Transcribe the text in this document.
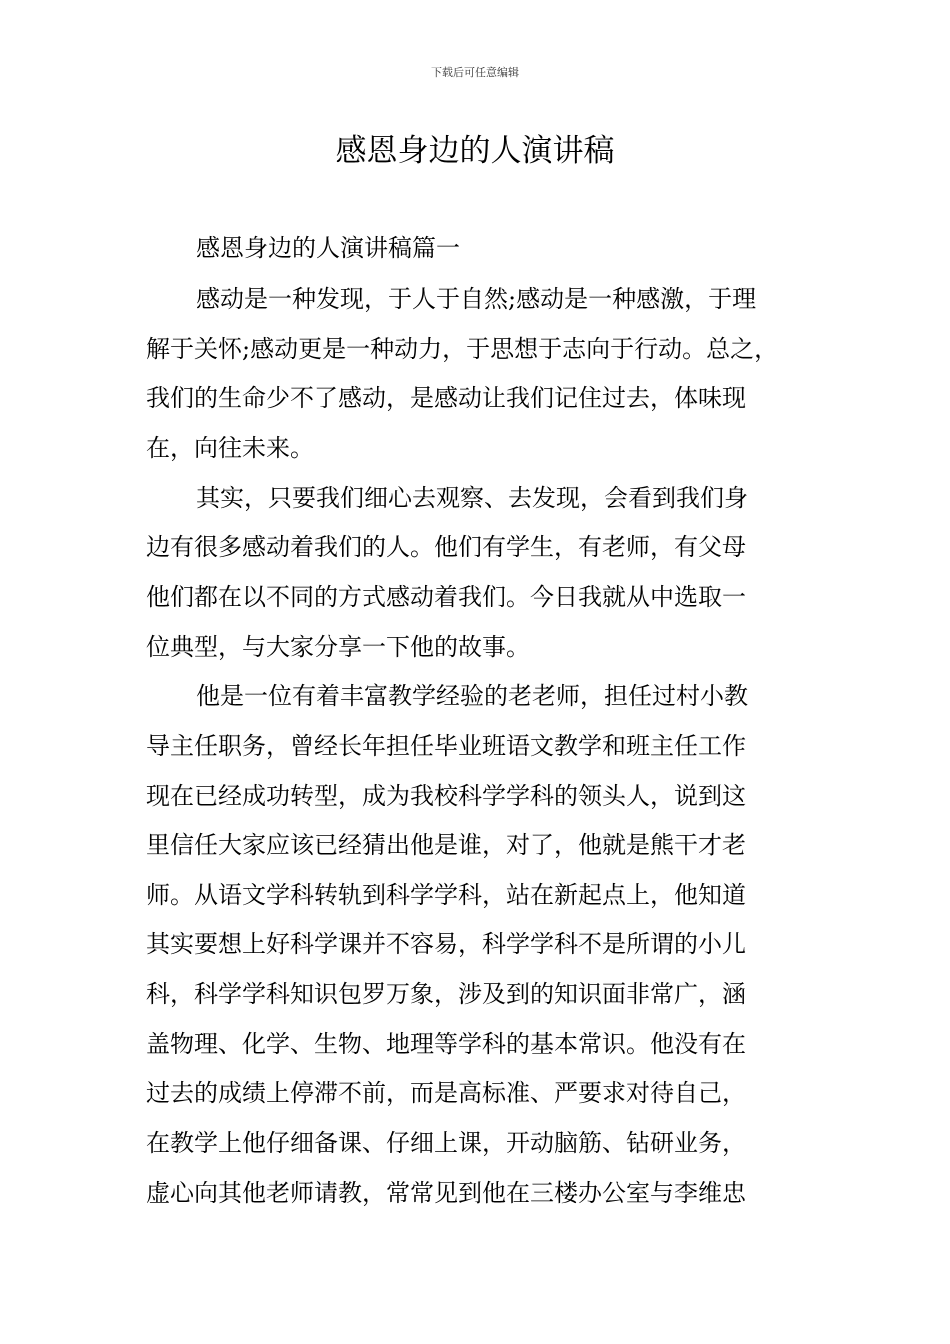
下载后可任意编辑
感恩身边的人演讲稿
感恩身边的人演讲稿篇一
感动是一种发现，于人于自然;感动是一种感激，于理
解于关怀;感动更是一种动力，于思想于志向于行动。总之，
我们的生命少不了感动，是感动让我们记住过去，体味现
在，向往未来。
其实，只要我们细心去观察、去发现，会看到我们身
边有很多感动着我们的人。他们有学生，有老师，有父母
他们都在以不同的方式感动着我们。今日我就从中选取一
位典型，与大家分享一下他的故事。
他是一位有着丰富教学经验的老老师，担任过村小教
导主任职务，曾经长年担任毕业班语文教学和班主任工作
现在已经成功转型，成为我校科学学科的领头人，说到这
里信任大家应该已经猜出他是谁，对了，他就是熊干才老
师。从语文学科转轨到科学学科，站在新起点上，他知道
其实要想上好科学课并不容易，科学学科不是所谓的小儿
科，科学学科知识包罗万象，涉及到的知识面非常广，涵
盖物理、化学、生物、地理等学科的基本常识。他没有在
过去的成绩上停滞不前，而是高标准、严要求对待自己，
在教学上他仔细备课、仔细上课，开动脑筋、钻研业务，
虚心向其他老师请教，常常见到他在三楼办公室与李维忠
